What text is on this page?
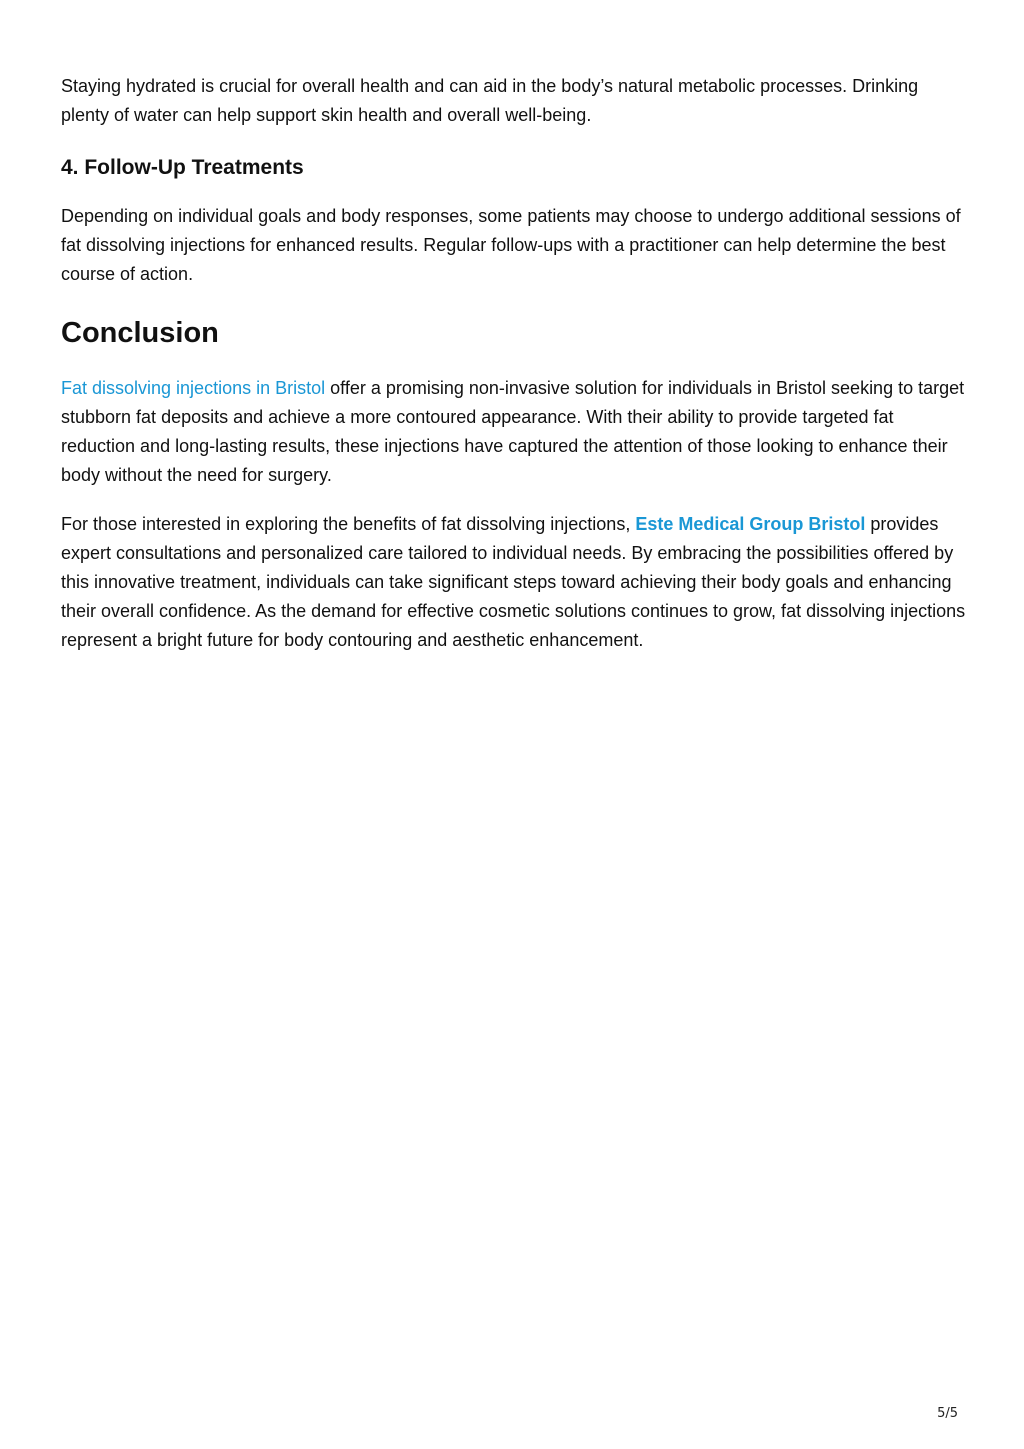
Staying hydrated is crucial for overall health and can aid in the body’s natural metabolic processes. Drinking plenty of water can help support skin health and overall well-being.

4. Follow-Up Treatments

Depending on individual goals and body responses, some patients may choose to undergo additional sessions of fat dissolving injections for enhanced results. Regular follow-ups with a practitioner can help determine the best course of action.

Conclusion

Fat dissolving injections in Bristol offer a promising non-invasive solution for individuals in Bristol seeking to target stubborn fat deposits and achieve a more contoured appearance. With their ability to provide targeted fat reduction and long-lasting results, these injections have captured the attention of those looking to enhance their body without the need for surgery.

For those interested in exploring the benefits of fat dissolving injections, Este Medical Group Bristol provides expert consultations and personalized care tailored to individual needs. By embracing the possibilities offered by this innovative treatment, individuals can take significant steps toward achieving their body goals and enhancing their overall confidence. As the demand for effective cosmetic solutions continues to grow, fat dissolving injections represent a bright future for body contouring and aesthetic enhancement.

5/5
